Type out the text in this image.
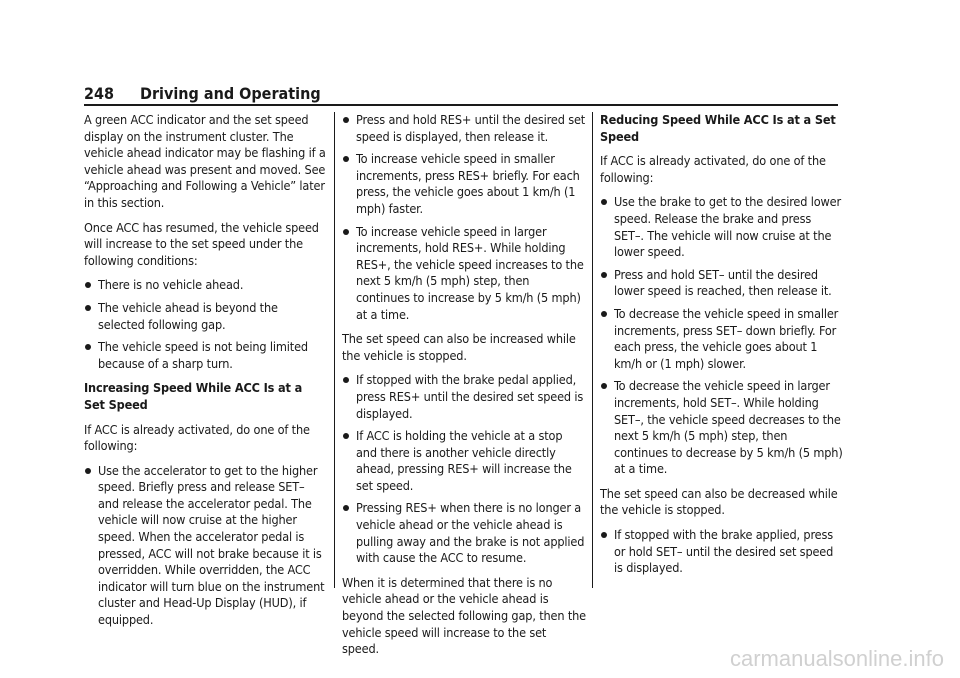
248	Driving and Operating

A green ACC indicator and the set speed display on the instrument cluster. The vehicle ahead indicator may be flashing if a vehicle ahead was present and moved. See “Approaching and Following a Vehicle” later in this section.

Once ACC has resumed, the vehicle speed will increase to the set speed under the following conditions:

There is no vehicle ahead.
The vehicle ahead is beyond the selected following gap.
The vehicle speed is not being limited because of a sharp turn.
Increasing Speed While ACC Is at a Set Speed

If ACC is already activated, do one of the following:

Use the accelerator to get to the higher speed. Briefly press and release SET– and release the accelerator pedal. The vehicle will now cruise at the higher speed. When the accelerator pedal is pressed, ACC will not brake because it is overridden. While overridden, the ACC indicator will turn blue on the instrument cluster and Head-Up Display (HUD), if equipped.
Press and hold RES+ until the desired set speed is displayed, then release it.
To increase vehicle speed in smaller increments, press RES+ briefly. For each press, the vehicle goes about 1 km/h (1 mph) faster.
To increase vehicle speed in larger increments, hold RES+. While holding RES+, the vehicle speed increases to the next 5 km/h (5 mph) step, then continues to increase by 5 km/h (5 mph) at a time.

The set speed can also be increased while the vehicle is stopped.

If stopped with the brake pedal applied, press RES+ until the desired set speed is displayed.
If ACC is holding the vehicle at a stop and there is another vehicle directly ahead, pressing RES+ will increase the set speed.
Pressing RES+ when there is no longer a vehicle ahead or the vehicle ahead is pulling away and the brake is not applied with cause the ACC to resume.

When it is determined that there is no vehicle ahead or the vehicle ahead is beyond the selected following gap, then the vehicle speed will increase to the set speed.

Reducing Speed While ACC Is at a Set Speed

If ACC is already activated, do one of the following:

Use the brake to get to the desired lower speed. Release the brake and press SET–. The vehicle will now cruise at the lower speed.
Press and hold SET– until the desired lower speed is reached, then release it.
To decrease the vehicle speed in smaller increments, press SET– down briefly. For each press, the vehicle goes about 1 km/h or (1 mph) slower.
To decrease the vehicle speed in larger increments, hold SET–. While holding SET–, the vehicle speed decreases to the next 5 km/h (5 mph) step, then continues to decrease by 5 km/h (5 mph) at a time.

The set speed can also be decreased while the vehicle is stopped.

If stopped with the brake applied, press or hold SET– until the desired set speed is displayed.
carmanualsonline.info
